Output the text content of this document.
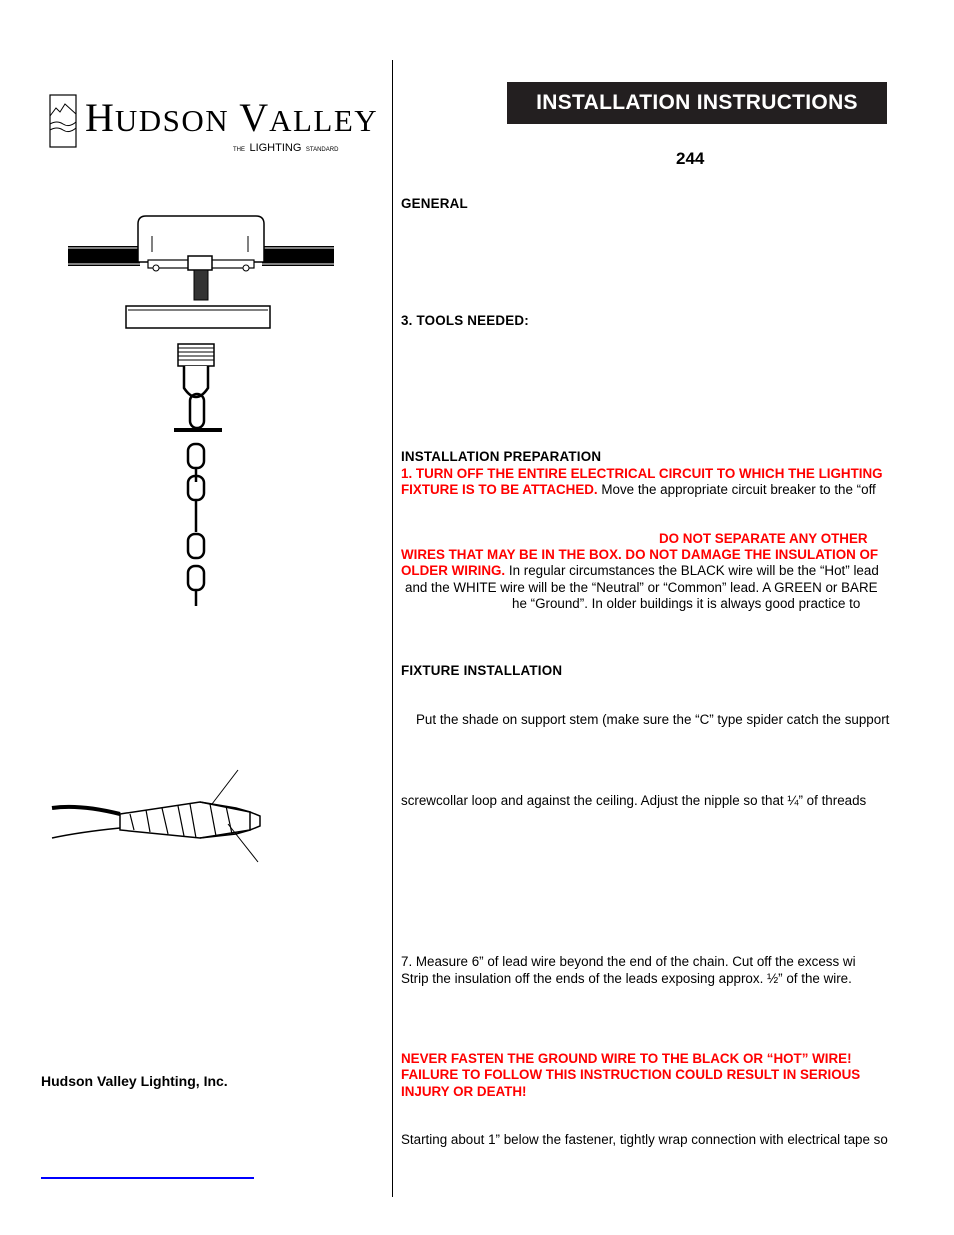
HUDSON VALLEY
THE LIGHTING STANDARD
INSTALLATION INSTRUCTIONS
244
GENERAL
3. TOOLS NEEDED:
INSTALLATION PREPARATION
1. TURN OFF THE ENTIRE ELECTRICAL CIRCUIT TO WHICH THE LIGHTING
FIXTURE IS TO BE ATTACHED. Move the appropriate circuit breaker to the “off
DO NOT SEPARATE ANY OTHER
WIRES THAT MAY BE IN THE BOX. DO NOT DAMAGE THE INSULATION OF
OLDER WIRING. In regular circumstances the BLACK wire will be the “Hot” lead
and the WHITE wire will be the “Neutral” or “Common” lead. A GREEN or BARE
he “Ground”. In older buildings it is always good practice to
FIXTURE INSTALLATION
Put the shade on support stem (make sure the “C” type spider catch the support
screwcollar loop and against the ceiling. Adjust the nipple so that ¼” of threads
7. Measure 6” of lead wire beyond the end of the chain. Cut off the excess wi
Strip the insulation off the ends of the leads exposing approx. ½” of the wire.
NEVER FASTEN THE GROUND WIRE TO THE BLACK OR “HOT” WIRE!
FAILURE TO FOLLOW THIS INSTRUCTION COULD RESULT IN SERIOUS
INJURY OR DEATH!
Starting about 1” below the fastener, tightly wrap connection with electrical tape so
Hudson Valley Lighting, Inc.
